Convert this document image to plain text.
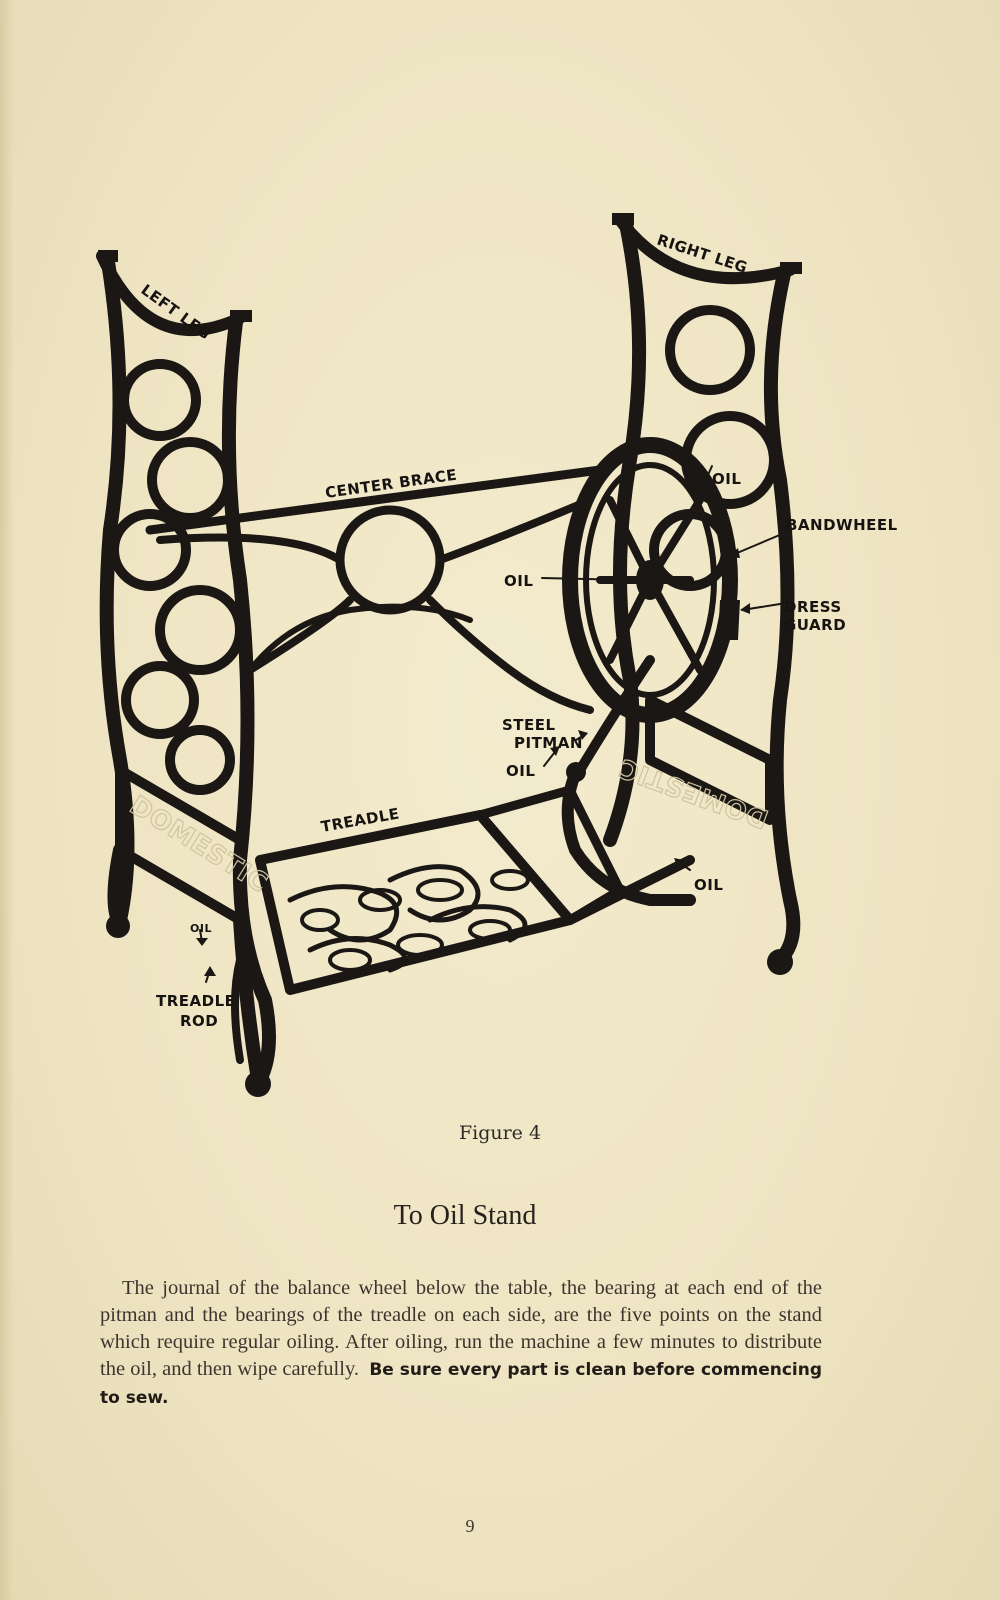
DOMESTIC	DOMESTIC
LEFT LEG
RIGHT LEG
CENTER BRACE	OIL
BANDWHEEL
OIL
DRESS
GUARD
STEEL
PITMAN
OIL
TREADLE
OIL
OIL
TREADLE
ROD
Figure 4
To Oil Stand

The journal of the balance wheel below the table, the bearing at each end of the pitman and the bearings of the treadle on each side, are the five points on the stand which require regular oiling. After oiling, run the machine a few minutes to distribute the oil, and then wipe carefully. Be sure every part is clean before commencing to sew.

9
